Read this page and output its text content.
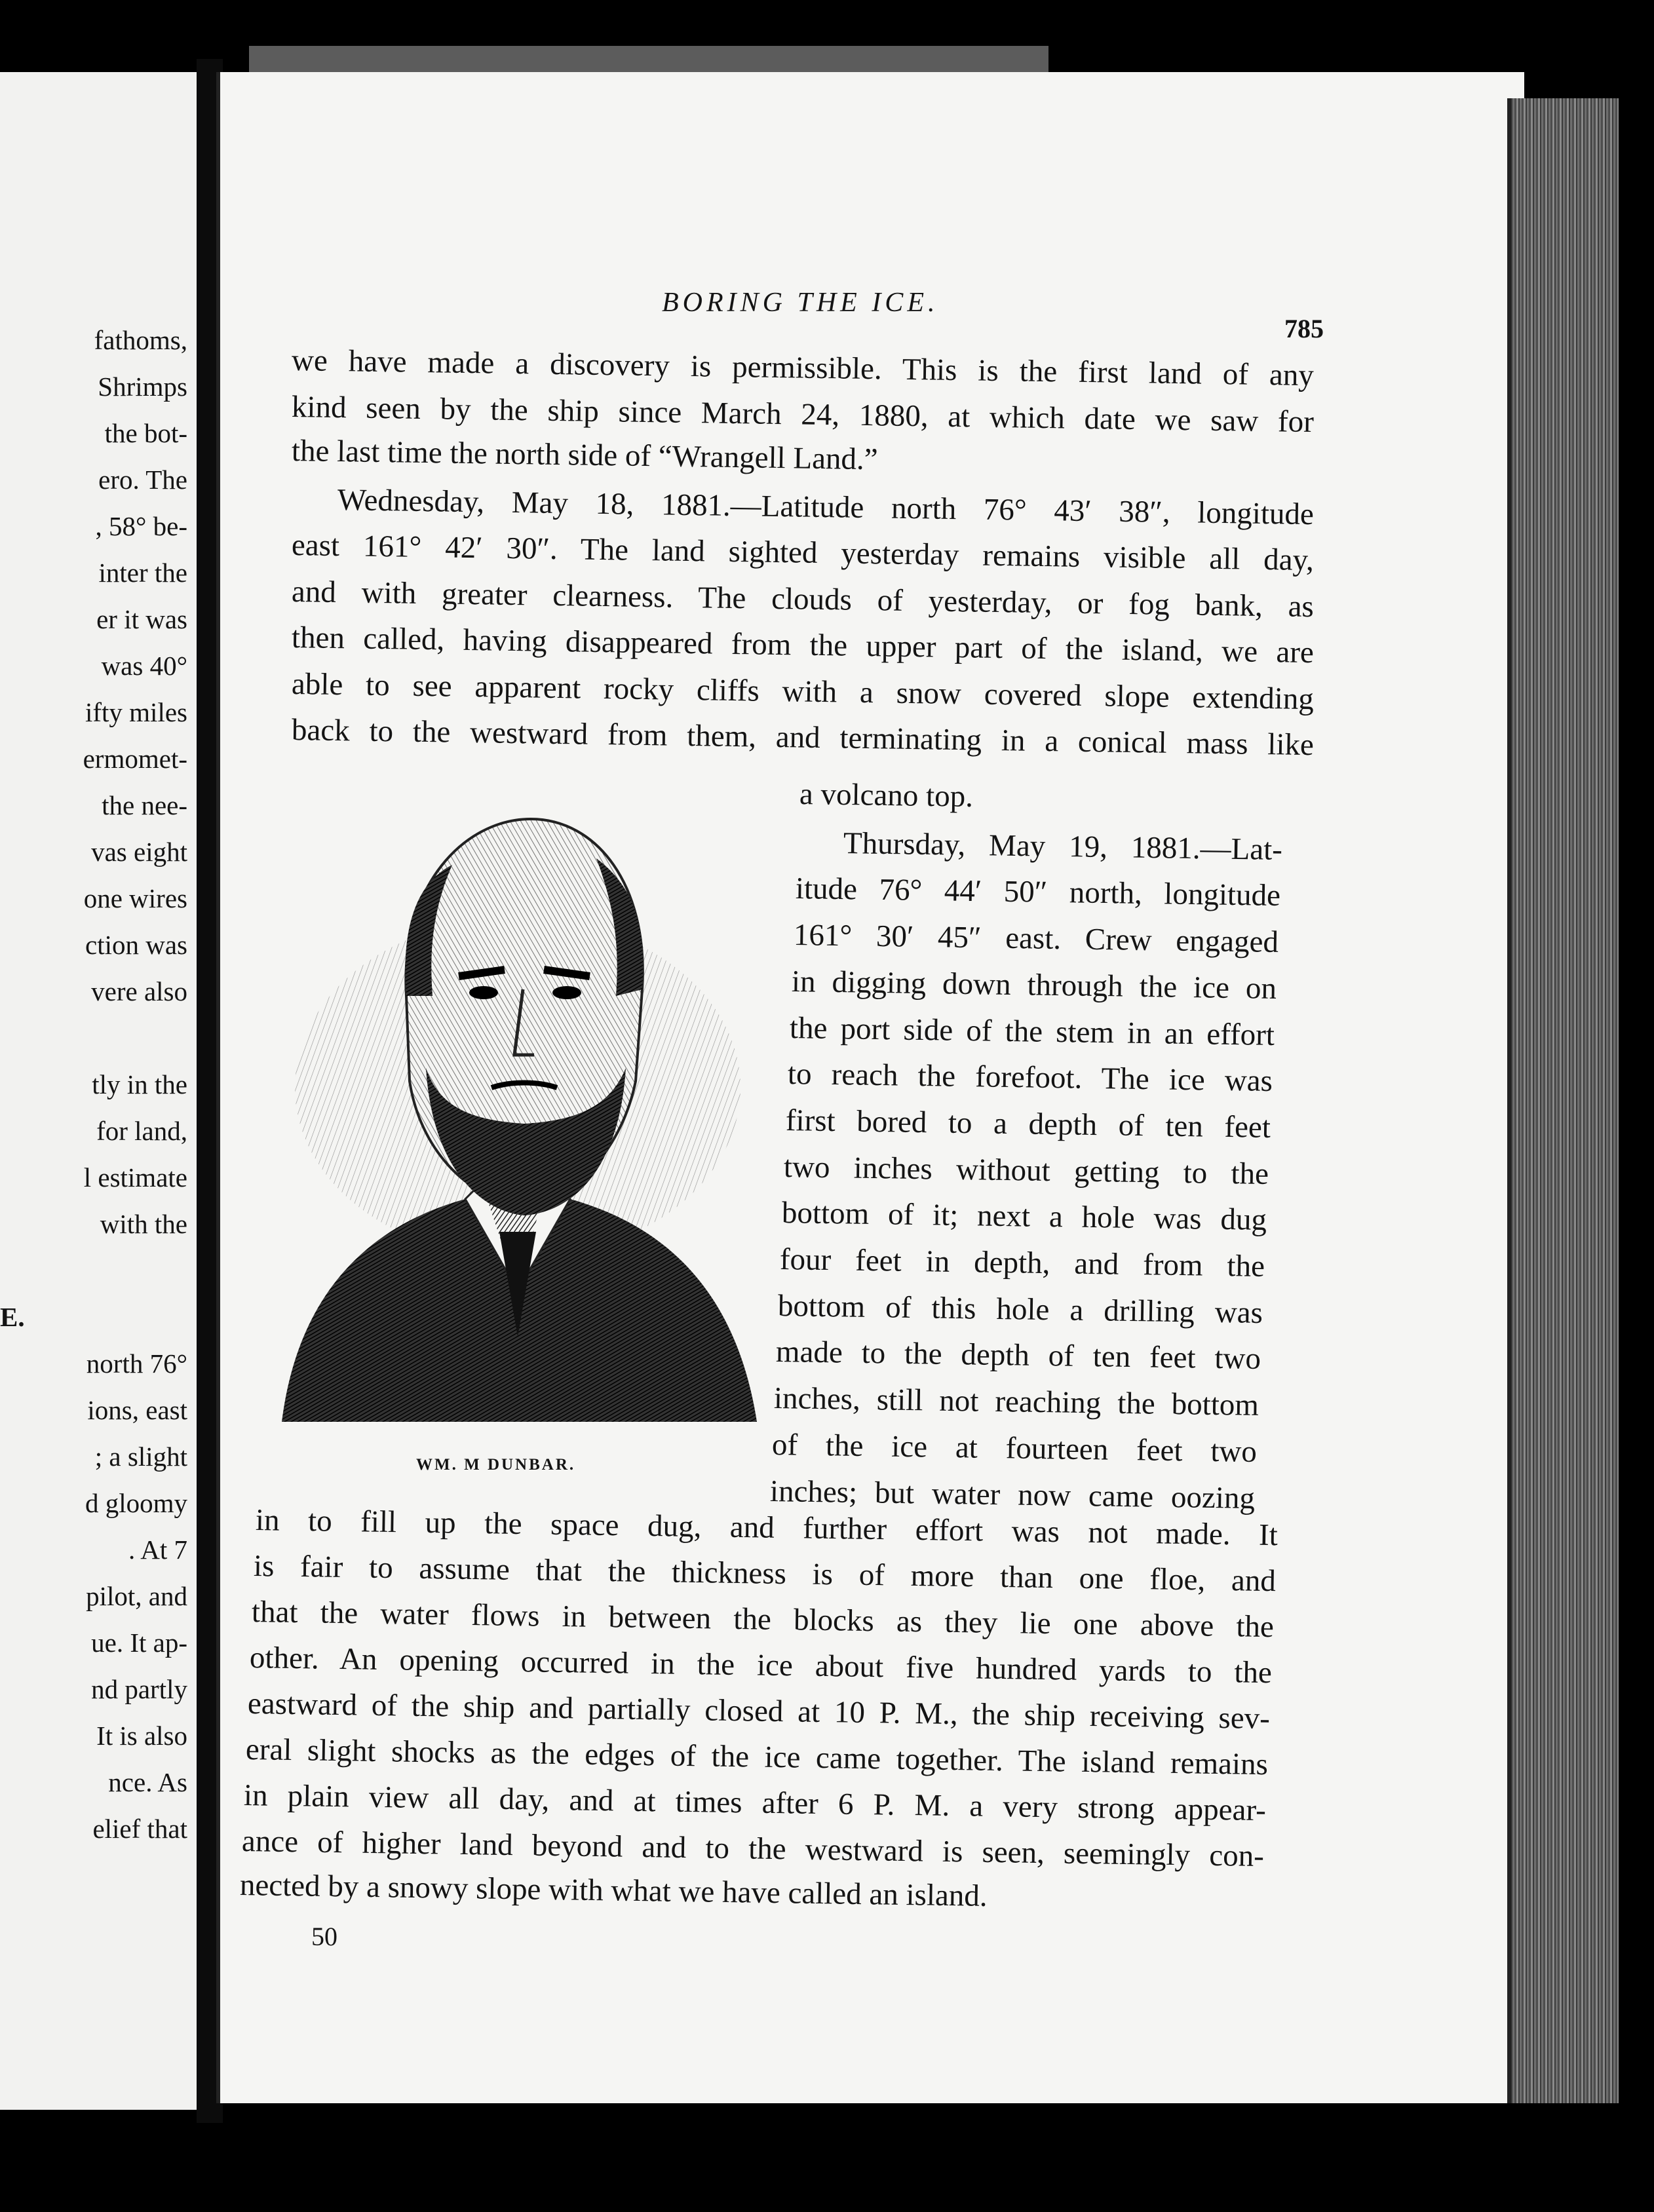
fathoms,
Shrimps
the bot-
ero. The
, 58° be-
inter the
er it was
was 40°
ifty miles
ermomet-
the nee-
vas eight
one wires
ction was
vere also
tly in the
for land,
l estimate
with the
E.
north 76°
ions, east
; a slight
d gloomy
. At 7
pilot, and
ue. It ap-
nd partly
It is also
nce. As
elief that
BORING THE ICE.
785
we have made a discovery is permissible. This is the first land of any
kind seen by the ship since March 24, 1880, at which date we saw for
the last time the north side of “Wrangell Land.”
Wednesday, May 18, 1881.—Latitude north 76° 43′ 38″, longitude
east 161° 42′ 30″. The land sighted yesterday remains visible all day,
and with greater clearness. The clouds of yesterday, or fog bank, as
then called, having disappeared from the upper part of the island, we are
able to see apparent rocky cliffs with a snow covered slope extending
back to the westward from them, and terminating in a conical mass like
a volcano top.
Thursday, May 19, 1881.—Lat-
itude 76° 44′ 50″ north, longitude
161° 30′ 45″ east. Crew engaged
in digging down through the ice on
the port side of the stem in an effort
to reach the forefoot. The ice was
first bored to a depth of ten feet
two inches without getting to the
bottom of it; next a hole was dug
four feet in depth, and from the
bottom of this hole a drilling was
made to the depth of ten feet two
inches, still not reaching the bottom
of the ice at fourteen feet two
inches; but water now came oozing
in to fill up the space dug, and further effort was not made. It
is fair to assume that the thickness is of more than one floe, and
that the water flows in between the blocks as they lie one above the
other. An opening occurred in the ice about five hundred yards to the
eastward of the ship and partially closed at 10 P. M., the ship receiving sev-
eral slight shocks as the edges of the ice came together. The island remains
in plain view all day, and at times after 6 P. M. a very strong appear-
ance of higher land beyond and to the westward is seen, seemingly con-
nected by a snowy slope with what we have called an island.
WM. M DUNBAR.
50
